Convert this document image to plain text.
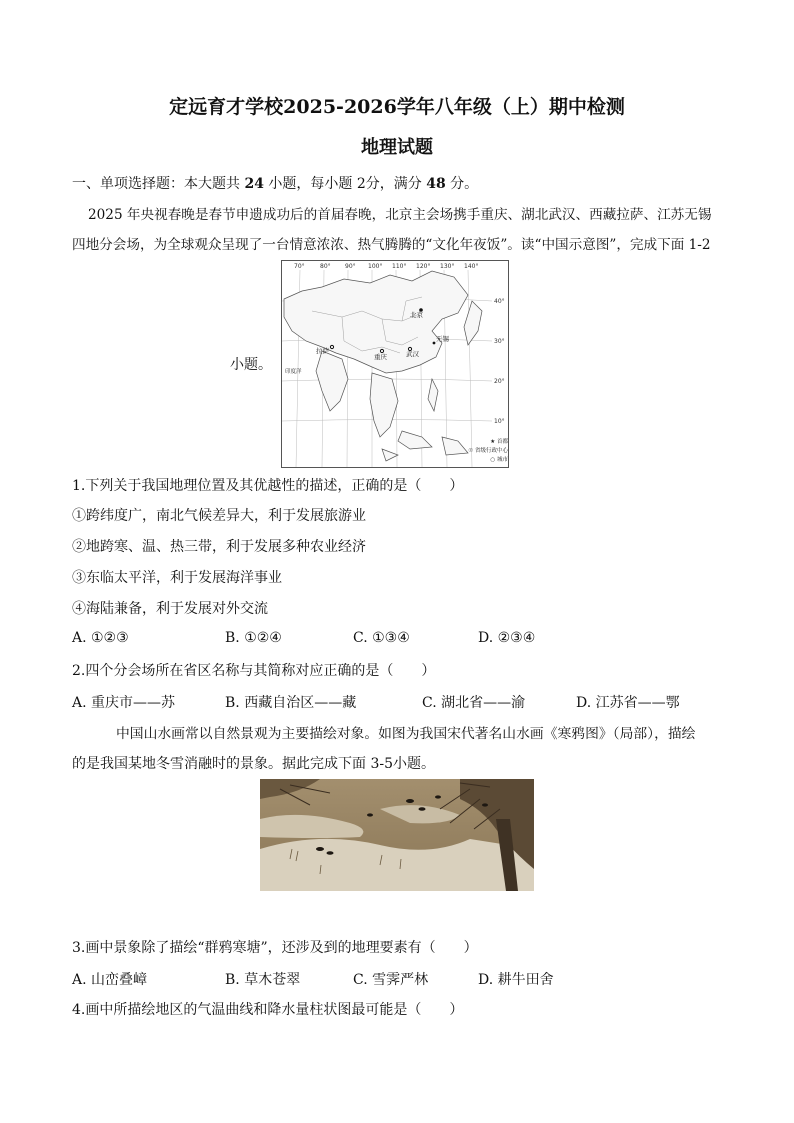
定远育才学校2025-2026学年八年级（上）期中检测
地理试题
一、单项选择题：本大题共 24 小题，每小题 2分，满分 48 分。
2025 年央视春晚是春节申遗成功后的首届春晚，北京主会场携手重庆、湖北武汉、西藏拉萨、江苏无锡
四地分会场，为全球观众呈现了一台情意浓浓、热气腾腾的“文化年夜饭”。读“中国示意图”，完成下面 1-2
小题。
70°	80° 90° 100° 110° 120° 130° 140°
40°
30°
20°
10°
北京
拉萨
重庆	武汉
无锡
印度洋
★ 首都
☉ 省级行政中心
○ 城市
1.下列关于我国地理位置及其优越性的描述，正确的是（　　）
①跨纬度广，南北气候差异大，利于发展旅游业
②地跨寒、温、热三带，利于发展多种农业经济
③东临太平洋，利于发展海洋事业
④海陆兼备，利于发展对外交流
A. ①②③	B. ①②④	C. ①③④	D. ②③④
2.四个分会场所在省区名称与其简称对应正确的是（　　）
A. 重庆市——苏	B. 西藏自治区——藏	C. 湖北省——渝	D. 江苏省——鄂
中国山水画常以自然景观为主要描绘对象。如图为我国宋代著名山水画《寒鸦图》（局部），描绘
的是我国某地冬雪消融时的景象。据此完成下面 3-5小题。
3.画中景象除了描绘“群鸦寒塘”，还涉及到的地理要素有（　　）
A. 山峦叠嶂	B. 草木苍翠	C. 雪霁严林	D. 耕牛田舍
4.画中所描绘地区的气温曲线和降水量柱状图最可能是（　　）
